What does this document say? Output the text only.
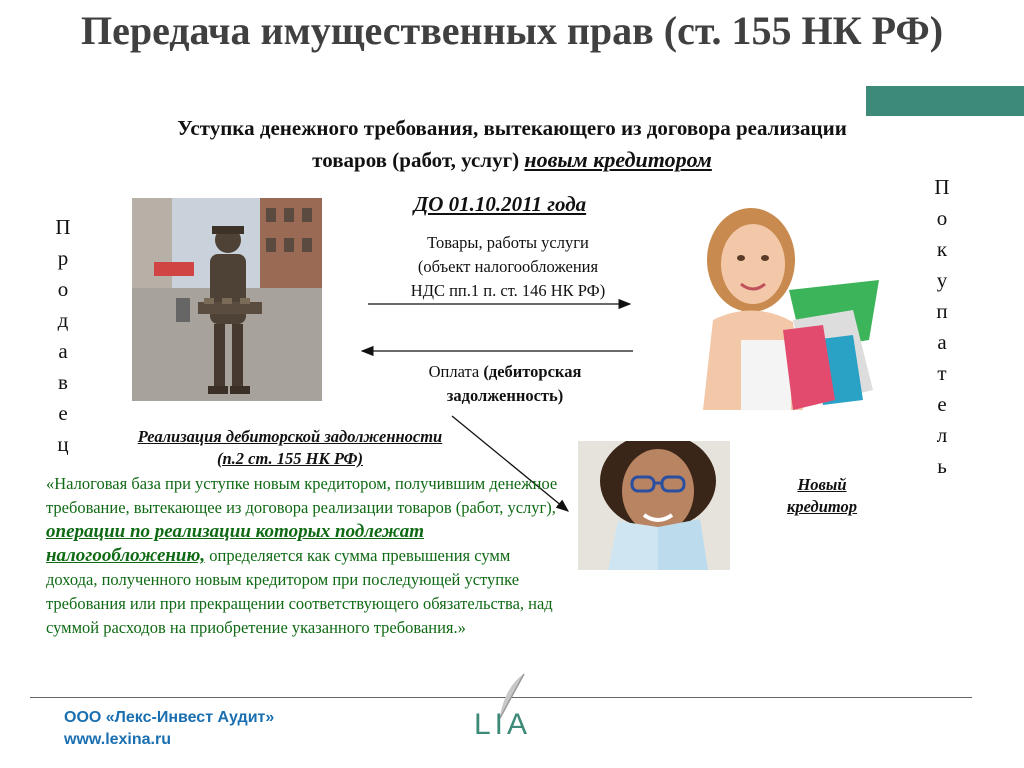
Передача имущественных прав (ст. 155 НК РФ)
Уступка денежного требования, вытекающего из договора реализации
товаров (работ, услуг) новым кредитором
П
р
о
д
а
в
е
ц
П
о
к
у
п
а
т
е
л
ь
ДО 01.10.2011 года
Товары, работы услуги
(объект налогообложения
НДС пп.1 п. ст. 146 НК РФ)
Оплата (дебиторская
задолженность)
Реализация дебиторской задолженности
(п.2 ст. 155 НК РФ)
Новый
кредитор
«Налоговая база при уступке новым кредитором, получившим денежное требование, вытекающее из договора реализации товаров (работ, услуг), операции по реализации которых подлежат налогообложению, определяется как сумма превышения сумм дохода, полученного новым кредитором при последующей уступке требования или при прекращении соответствующего обязательства, над суммой расходов на приобретение указанного требования.»
ООО «Лекс-Инвест Аудит»
www.lexina.ru	LIA
